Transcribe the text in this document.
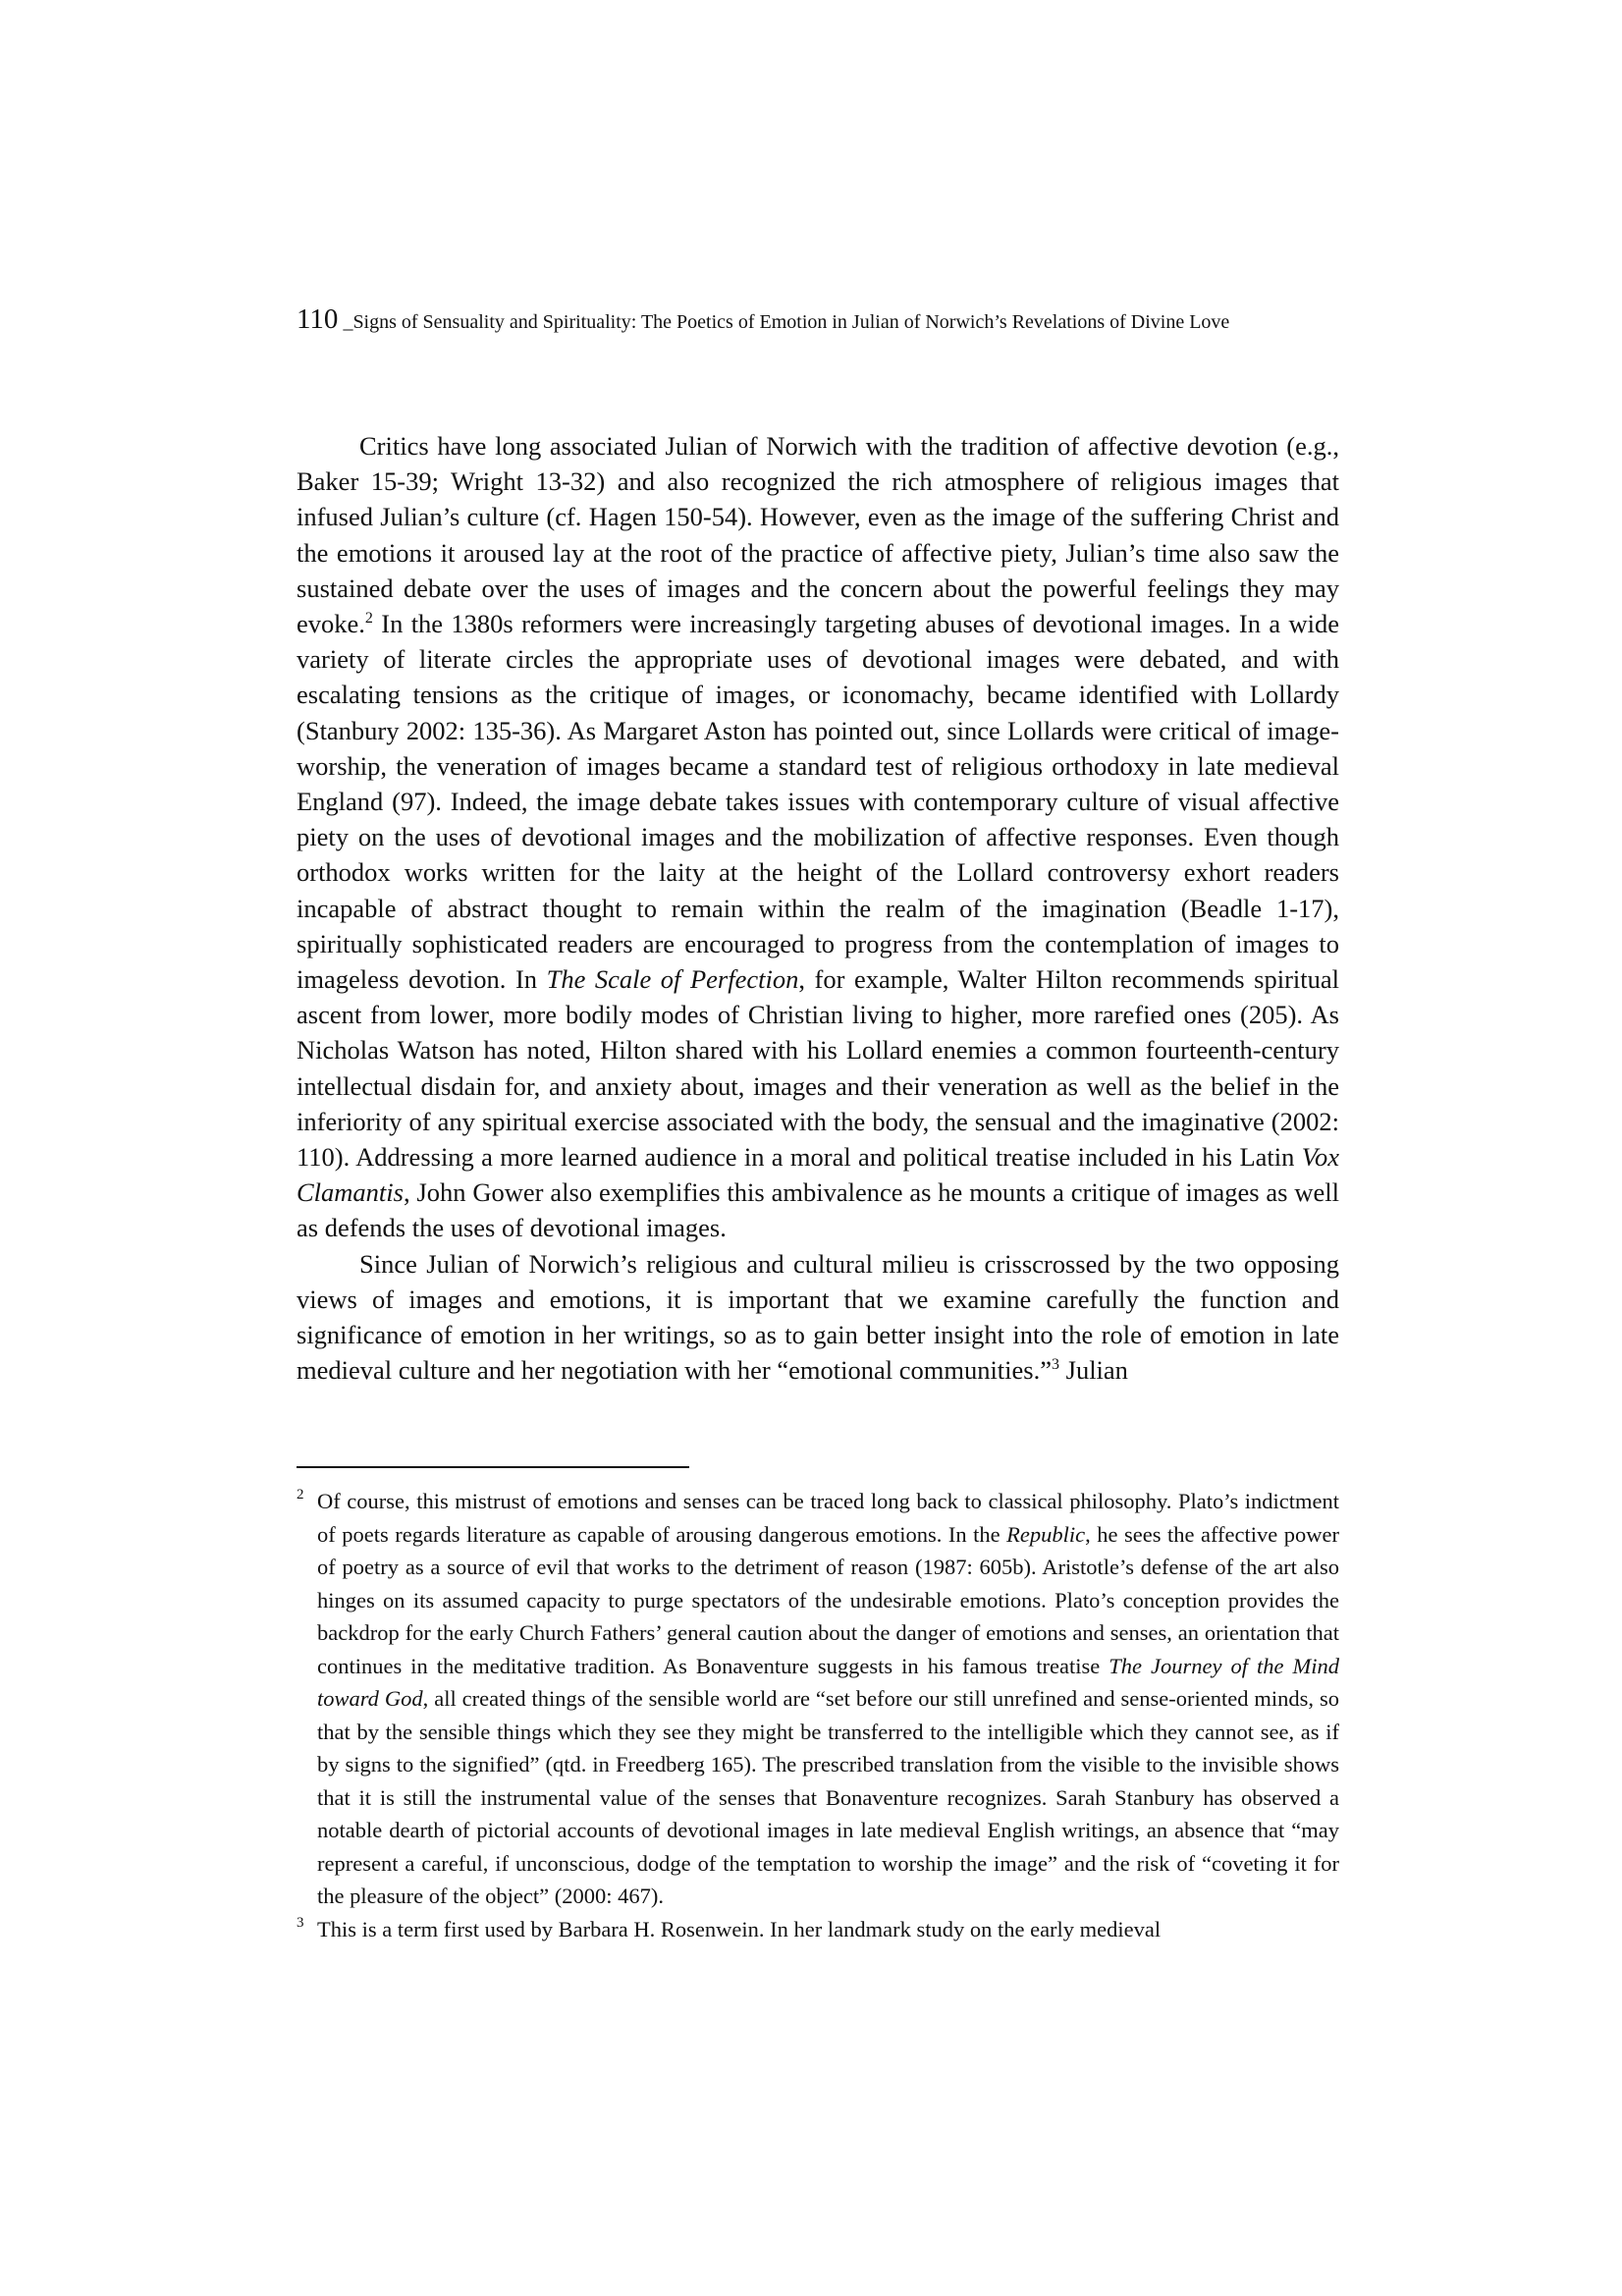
110 _Signs of Sensuality and Spirituality: The Poetics of Emotion in Julian of Norwich’s Revelations of Divine Love

Critics have long associated Julian of Norwich with the tradition of affective devotion (e.g., Baker 15-39; Wright 13-32) and also recognized the rich atmosphere of religious images that infused Julian’s culture (cf. Hagen 150-54). However, even as the image of the suffering Christ and the emotions it aroused lay at the root of the practice of affective piety, Julian’s time also saw the sustained debate over the uses of images and the concern about the powerful feelings they may evoke.$^2$ In the 1380s reformers were increasingly targeting abuses of devotional images. In a wide variety of literate circles the appropriate uses of devotional images were debated, and with escalating tensions as the critique of images, or iconomachy, became identified with Lollardy (Stanbury 2002: 135-36). As Margaret Aston has pointed out, since Lollards were critical of image-worship, the veneration of images became a standard test of religious orthodoxy in late medieval England (97). Indeed, the image debate takes issues with contemporary culture of visual affective piety on the uses of devotional images and the mobilization of affective responses. Even though orthodox works written for the laity at the height of the Lollard controversy exhort readers incapable of abstract thought to remain within the realm of the imagination (Beadle 1-17), spiritually sophisticated readers are encouraged to progress from the contemplation of images to imageless devotion. In The Scale of Perfection, for example, Walter Hilton recommends spiritual ascent from lower, more bodily modes of Christian living to higher, more rarefied ones (205). As Nicholas Watson has noted, Hilton shared with his Lollard enemies a common fourteenth-century intellectual disdain for, and anxiety about, images and their veneration as well as the belief in the inferiority of any spiritual exercise associated with the body, the sensual and the imaginative (2002: 110). Addressing a more learned audience in a moral and political treatise included in his Latin Vox Clamantis, John Gower also exemplifies this ambivalence as he mounts a critique of images as well as defends the uses of devotional images.

Since Julian of Norwich’s religious and cultural milieu is crisscrossed by the two opposing views of images and emotions, it is important that we examine carefully the function and significance of emotion in her writings, so as to gain better insight into the role of emotion in late medieval culture and her negotiation with her “emotional communities.”$^3$ Julian

2 Of course, this mistrust of emotions and senses can be traced long back to classical philosophy. Plato’s indictment of poets regards literature as capable of arousing dangerous emotions. In the Republic, he sees the affective power of poetry as a source of evil that works to the detriment of reason (1987: 605b). Aristotle’s defense of the art also hinges on its assumed capacity to purge spectators of the undesirable emotions. Plato’s conception provides the backdrop for the early Church Fathers’ general caution about the danger of emotions and senses, an orientation that continues in the meditative tradition. As Bonaventure suggests in his famous treatise The Journey of the Mind toward God, all created things of the sensible world are “set before our still unrefined and sense-oriented minds, so that by the sensible things which they see they might be transferred to the intelligible which they cannot see, as if by signs to the signified” (qtd. in Freedberg 165). The prescribed translation from the visible to the invisible shows that it is still the instrumental value of the senses that Bonaventure recognizes. Sarah Stanbury has observed a notable dearth of pictorial accounts of devotional images in late medieval English writings, an absence that “may represent a careful, if unconscious, dodge of the temptation to worship the image” and the risk of “coveting it for the pleasure of the object” (2000: 467).

3 This is a term first used by Barbara H. Rosenwein. In her landmark study on the early medieval
